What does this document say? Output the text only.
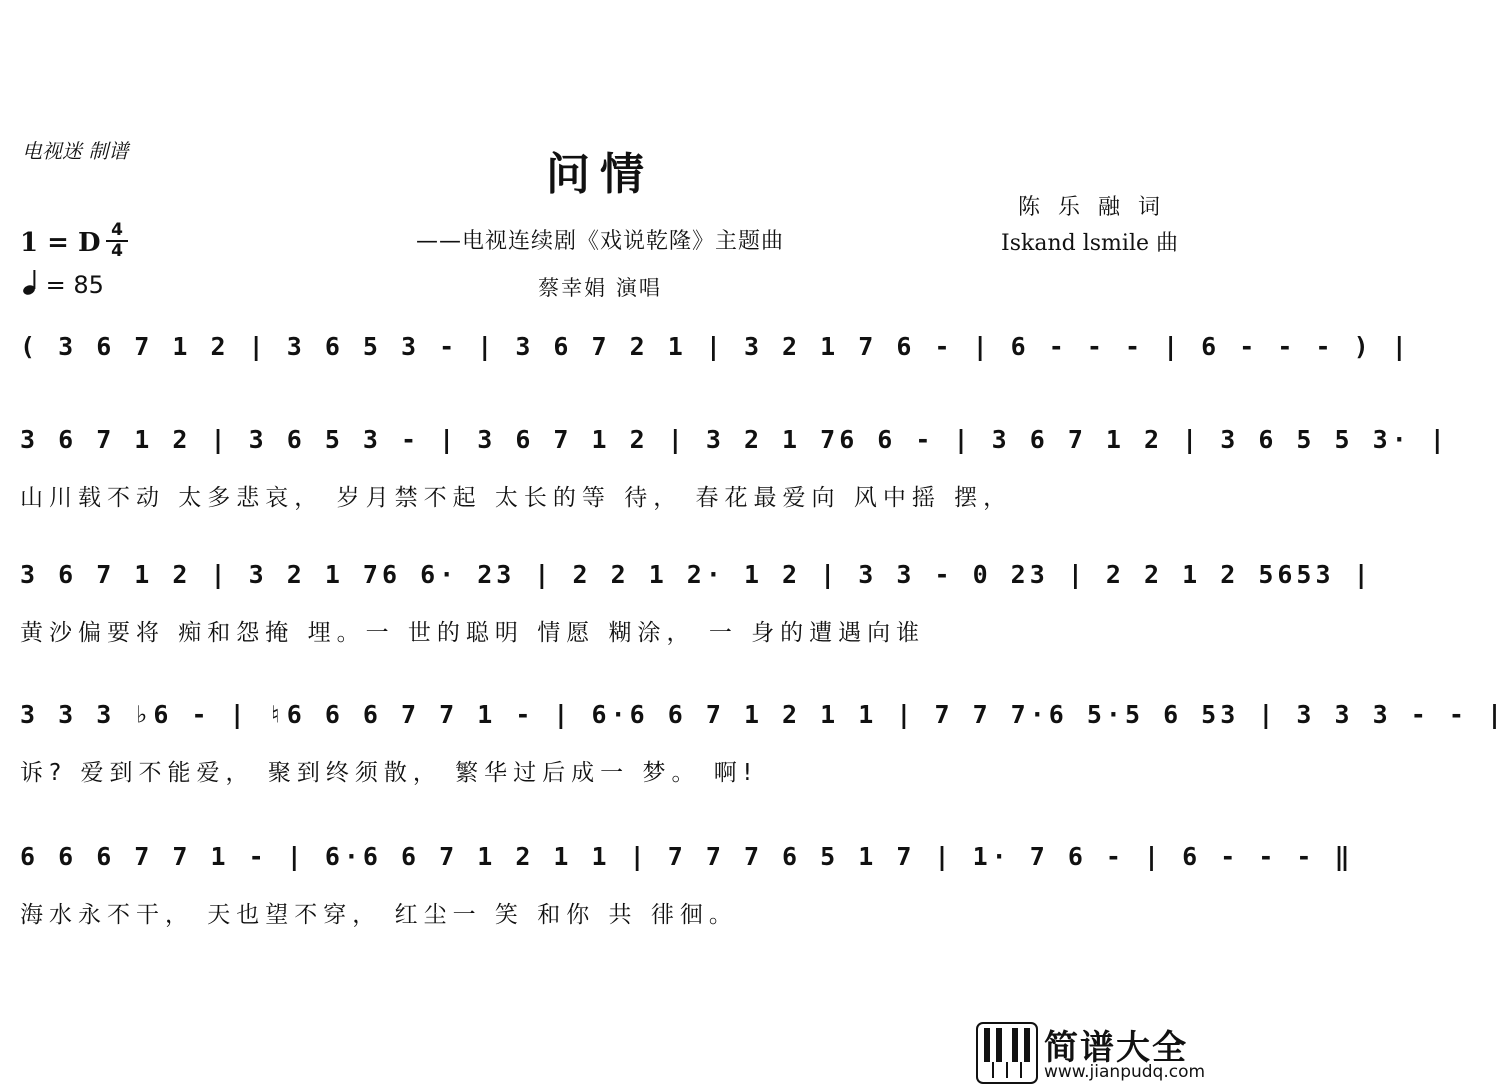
电视迷 制谱	问情
——电视连续剧《戏说乾隆》主题曲
蔡幸娟 演唱
陈乐融词
Iskand lsmile 曲
1 = D 4
4
= 85
( 3 6 7 1 2 | 3 6 5 3 - | 3 6 7 2 1 | 3 2 1 7 6 - | 6 - - - | 6 - - - ) |
3 6 7 1 2 | 3 6 5 3 - | 3 6 7 1 2 | 3 2 1 76 6 - | 3 6 7 1 2 | 3 6 5 5 3· |
山川载不动 太多悲哀， 岁月禁不起 太长的等 待， 春花最爱向 风中摇 摆，
3 6 7 1 2 | 3 2 1 76 6· 23 | 2 2 1 2· 1 2 | 3 3 - 0 23 | 2 2 1 2 5653 |
黄沙偏要将 痴和怨掩 埋。一 世的聪明 情愿 糊涂， 一 身的遭遇向谁
3 3 3 ♭6 - | ♮6 6 6 7 7 1 - | 6·6 6 7 1 2 1 1 | 7 7 7·6 5·5 6 53 | 3 3 3 - - |
诉? 爱到不能爱， 聚到终须散， 繁华过后成一 梦。 啊!
6 6 6 7 7 1 - | 6·6 6 7 1 2 1 1 | 7 7 7 6 5 1 7 | 1· 7 6 - | 6 - - - ‖
海水永不干， 天也望不穿， 红尘一 笑 和你 共 徘徊。
简谱大全
www.jianpudq.com
